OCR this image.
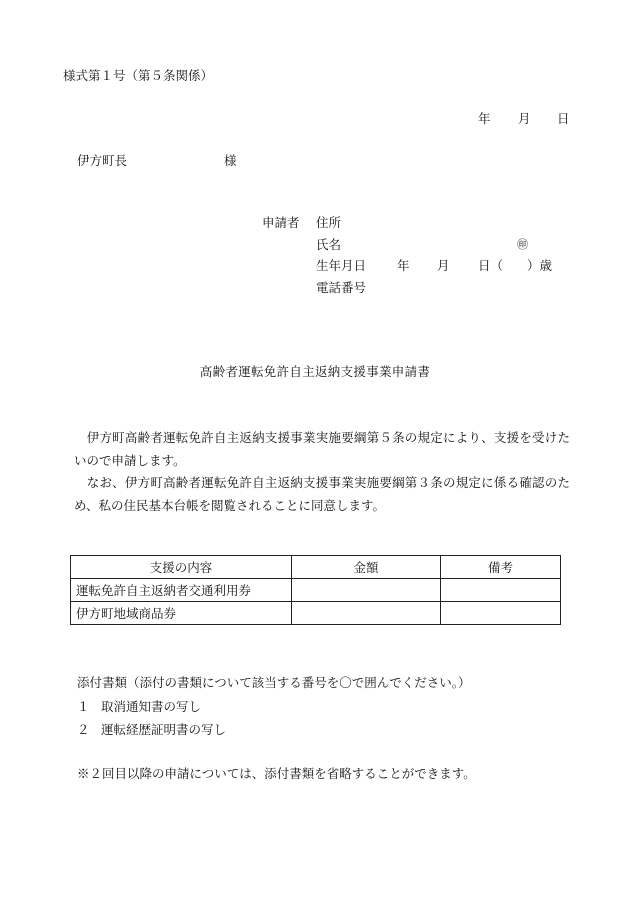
様式第１号（第５条関係）
年 月 日
伊方町長	様
申請者 住所
氏名	㊞
生年月日 年 月 日（ ）歳
電話番号
高齢者運転免許自主返納支援事業申請書
　伊方町高齢者運転免許自主返納支援事業実施要綱第５条の規定により、支援を受けたいので申請します。
　なお、伊方町高齢者運転免許自主返納支援事業実施要綱第３条の規定に係る確認のため、私の住民基本台帳を閲覧されることに同意します。
支援の内容	金額	備考
運転免許自主返納者交通利用券		
伊方町地域商品券		
添付書類（添付の書類について該当する番号を〇で囲んでください。）
１ 取消通知書の写し
２ 運転経歴証明書の写し
※２回目以降の申請については、添付書類を省略することができます。
